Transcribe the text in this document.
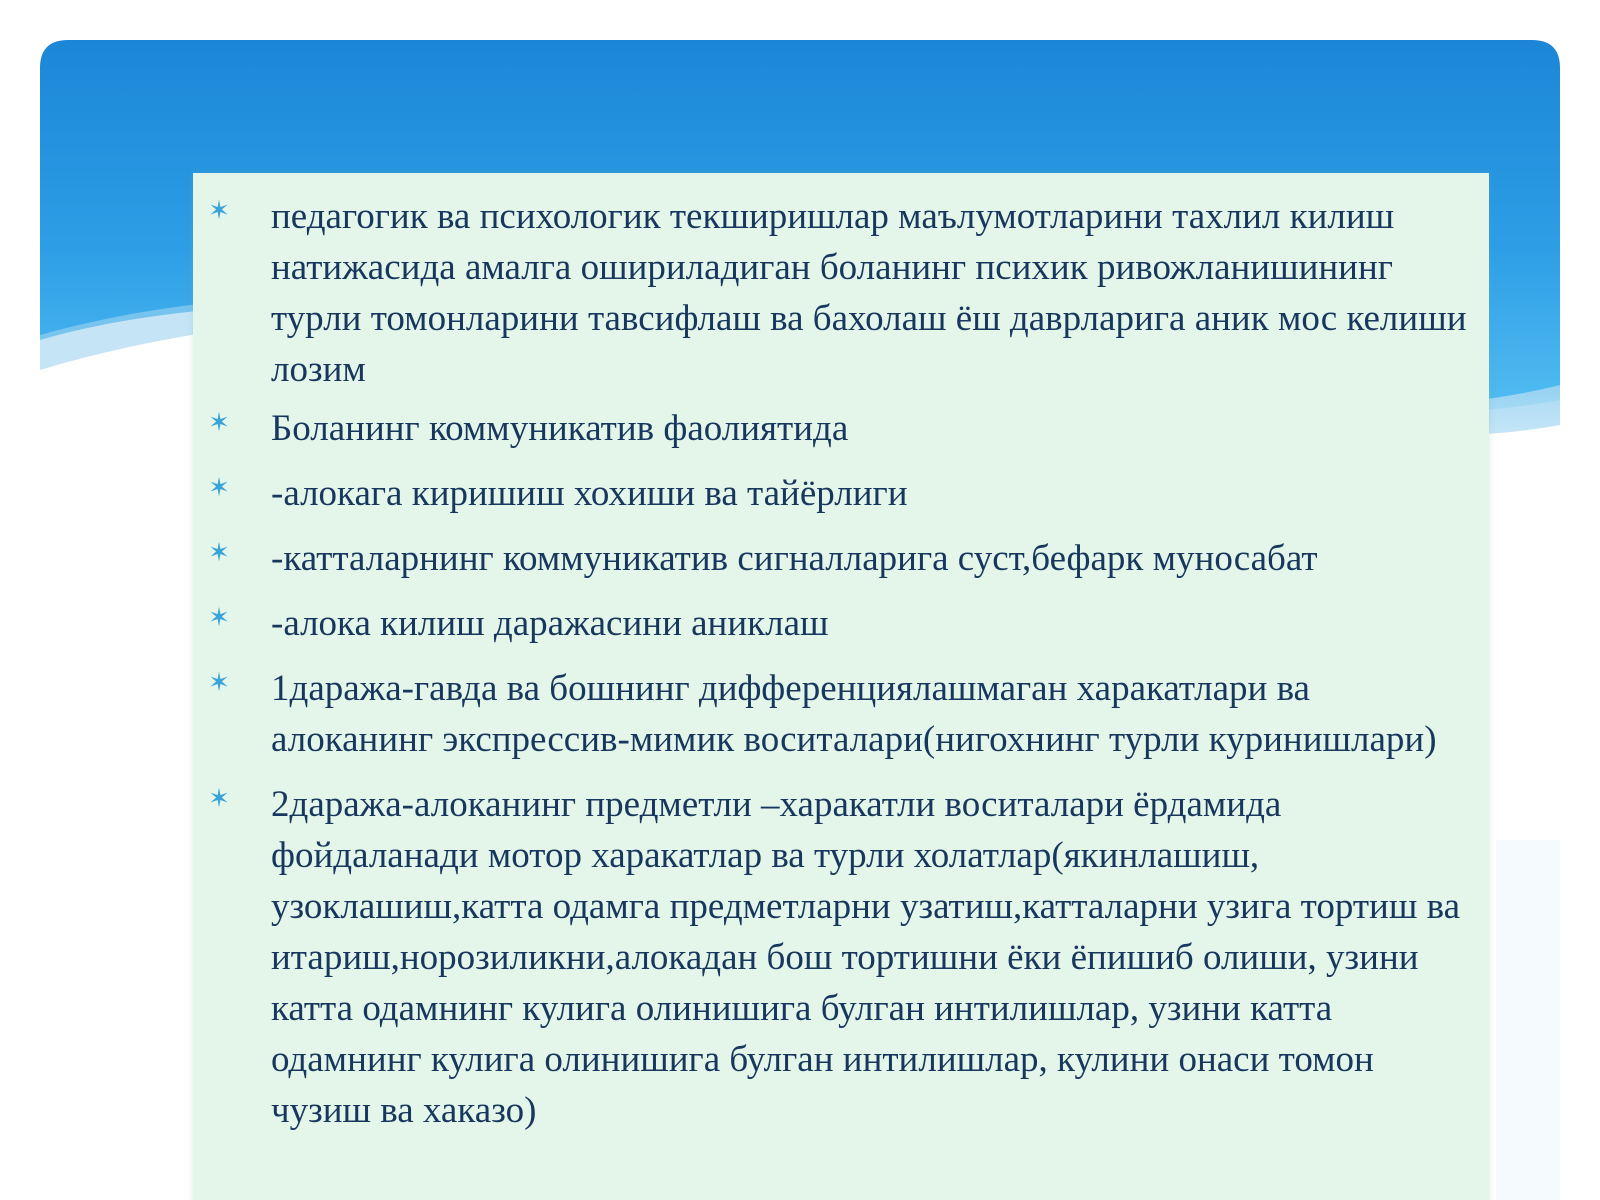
✶ педагогик ва психологик текширишлар маълумотларини тахлил килиш натижасида амалга ошириладиган боланинг психик ривожланишининг турли томонларини тавсифлаш ва бахолаш ёш даврларига аник мос келиши лозим
✶ Боланинг коммуникатив фаолиятида
✶ -алокага киришиш хохиши ва тайёрлиги
✶ -катталарнинг коммуникатив сигналларига суст,бефарк муносабат
✶ -алока килиш даражасини аниклаш
✶ 1даража-гавда ва бошнинг дифференциялашмаган харакатлари ва алоканинг экспрессив-мимик воситалари(нигохнинг турли куринишлари)
✶ 2даража-алоканинг предметли –харакатли воситалари ёрдамида фойдаланади мотор харакатлар ва турли холатлар(якинлашиш, узоклашиш,катта одамга предметларни узатиш,катталарни узига тортиш ва итариш,норозиликни,алокадан бош тортишни ёки ёпишиб олиши, узини катта одамнинг кулига олинишига булган интилишлар, узини катта одамнинг кулига олинишига булган интилишлар, кулини онаси томон чузиш ва хаказо)
